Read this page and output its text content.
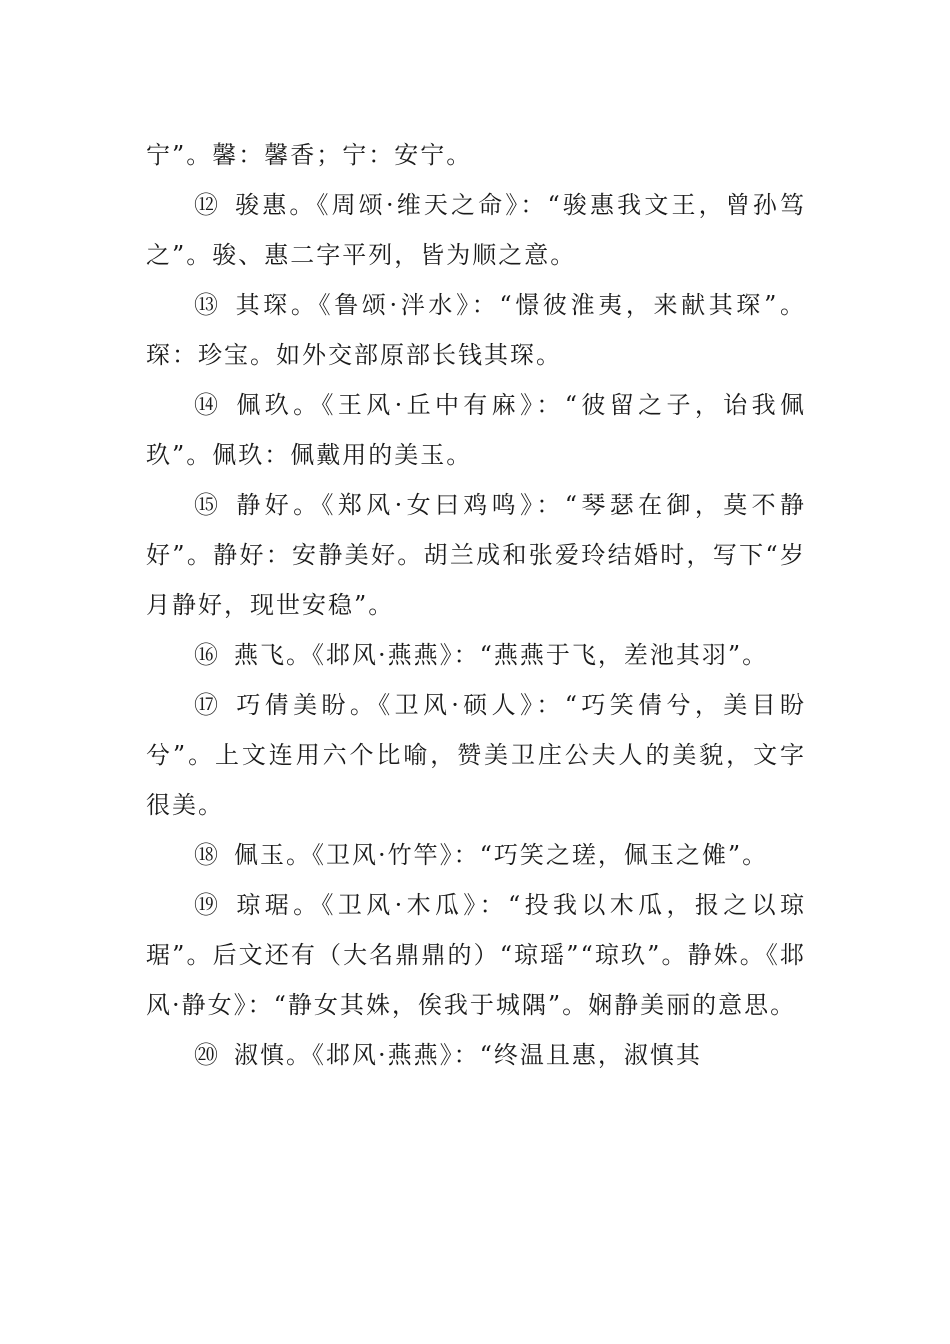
宁”。馨：馨香；宁：安宁。

⑫ 骏惠。《周颂·维天之命》：“骏惠我文王，曾孙笃之”。骏、惠二字平列，皆为顺之意。

⑬ 其琛。《鲁颂·泮水》：“憬彼淮夷，来献其琛”。琛：珍宝。如外交部原部长钱其琛。

⑭ 佩玖。《王风·丘中有麻》：“彼留之子，诒我佩玖”。佩玖：佩戴用的美玉。

⑮ 静好。《郑风·女曰鸡鸣》：“琴瑟在御，莫不静好”。静好：安静美好。胡兰成和张爱玲结婚时，写下“岁月静好，现世安稳”。

⑯ 燕飞。《邶风·燕燕》：“燕燕于飞，差池其羽”。

⑰ 巧倩美盼。《卫风·硕人》：“巧笑倩兮，美目盼兮”。上文连用六个比喻，赞美卫庄公夫人的美貌，文字很美。

⑱ 佩玉。《卫风·竹竿》：“巧笑之瑳，佩玉之傩”。

⑲ 琼琚。《卫风·木瓜》：“投我以木瓜，报之以琼琚”。后文还有（大名鼎鼎的）“琼瑶”“琼玖”。静姝。《邶风·静女》：“静女其姝，俟我于城隅”。娴静美丽的意思。

⑳ 淑慎。《邶风·燕燕》：“终温且惠，淑慎其
